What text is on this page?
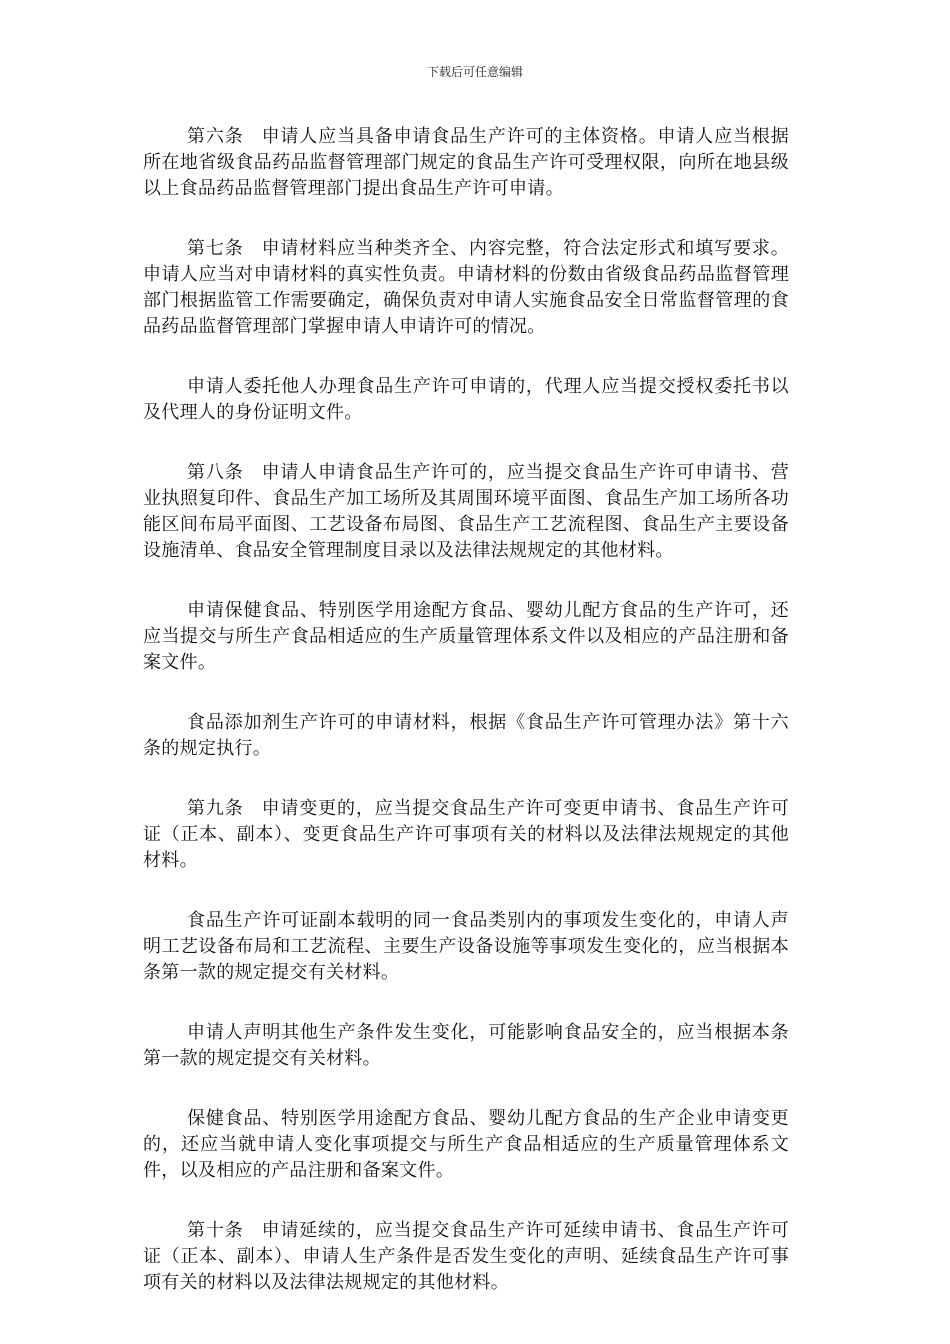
下载后可任意编辑

第六条 申请人应当具备申请食品生产许可的主体资格。申请人应当根据所在地省级食品药品监督管理部门规定的食品生产许可受理权限，向所在地县级以上食品药品监督管理部门提出食品生产许可申请。

第七条 申请材料应当种类齐全、内容完整，符合法定形式和填写要求。申请人应当对申请材料的真实性负责。申请材料的份数由省级食品药品监督管理部门根据监管工作需要确定，确保负责对申请人实施食品安全日常监督管理的食品药品监督管理部门掌握申请人申请许可的情况。

申请人委托他人办理食品生产许可申请的，代理人应当提交授权委托书以及代理人的身份证明文件。

第八条 申请人申请食品生产许可的，应当提交食品生产许可申请书、营业执照复印件、食品生产加工场所及其周围环境平面图、食品生产加工场所各功能区间布局平面图、工艺设备布局图、食品生产工艺流程图、食品生产主要设备设施清单、食品安全管理制度目录以及法律法规规定的其他材料。

申请保健食品、特别医学用途配方食品、婴幼儿配方食品的生产许可，还应当提交与所生产食品相适应的生产质量管理体系文件以及相应的产品注册和备案文件。

食品添加剂生产许可的申请材料，根据《食品生产许可管理办法》第十六条的规定执行。

第九条 申请变更的，应当提交食品生产许可变更申请书、食品生产许可证（正本、副本）、变更食品生产许可事项有关的材料以及法律法规规定的其他材料。

食品生产许可证副本载明的同一食品类别内的事项发生变化的，申请人声明工艺设备布局和工艺流程、主要生产设备设施等事项发生变化的，应当根据本条第一款的规定提交有关材料。

申请人声明其他生产条件发生变化，可能影响食品安全的，应当根据本条第一款的规定提交有关材料。

保健食品、特别医学用途配方食品、婴幼儿配方食品的生产企业申请变更的，还应当就申请人变化事项提交与所生产食品相适应的生产质量管理体系文件，以及相应的产品注册和备案文件。

第十条 申请延续的，应当提交食品生产许可延续申请书、食品生产许可证（正本、副本）、申请人生产条件是否发生变化的声明、延续食品生产许可事项有关的材料以及法律法规规定的其他材料。
